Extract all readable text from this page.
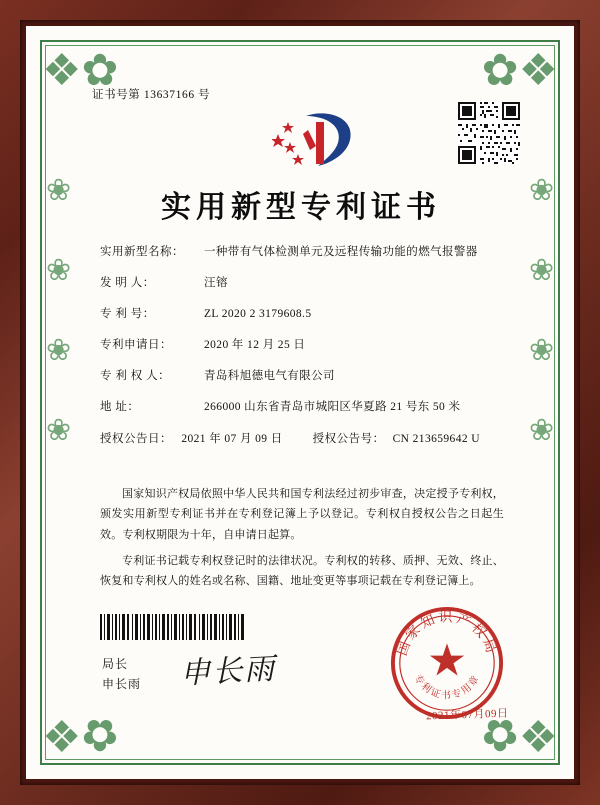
❖✿	❖✿
❖✿	❖✿
❀
❀
❀
❀
❀
❀
❀
❀
证书号第 13637166 号
实用新型专利证书
实用新型名称：	一种带有气体检测单元及远程传输功能的燃气报警器
发 明 人：	汪镕
专 利 号：	ZL 2020 2 3179608.5
专利申请日：	2020 年 12 月 25 日
专 利 权 人：	青岛科旭德电气有限公司
地 址：	266000 山东省青岛市城阳区华夏路 21 号东 50 米
授权公告日： 2021 年 07 月 09 日	授权公告号： CN 213659642 U

国家知识产权局依照中华人民共和国专利法经过初步审查，决定授予专利权，颁发实用新型专利证书并在专利登记簿上予以登记。专利权自授权公告之日起生效。专利权期限为十年，自申请日起算。

专利证书记载专利权登记时的法律状况。专利权的转移、质押、无效、终止、恢复和专利权人的姓名或名称、国籍、地址变更等事项记载在专利登记簿上。

局长
申长雨 申长雨
国家知识产权局
专利证书专用章
2021年07月09日
